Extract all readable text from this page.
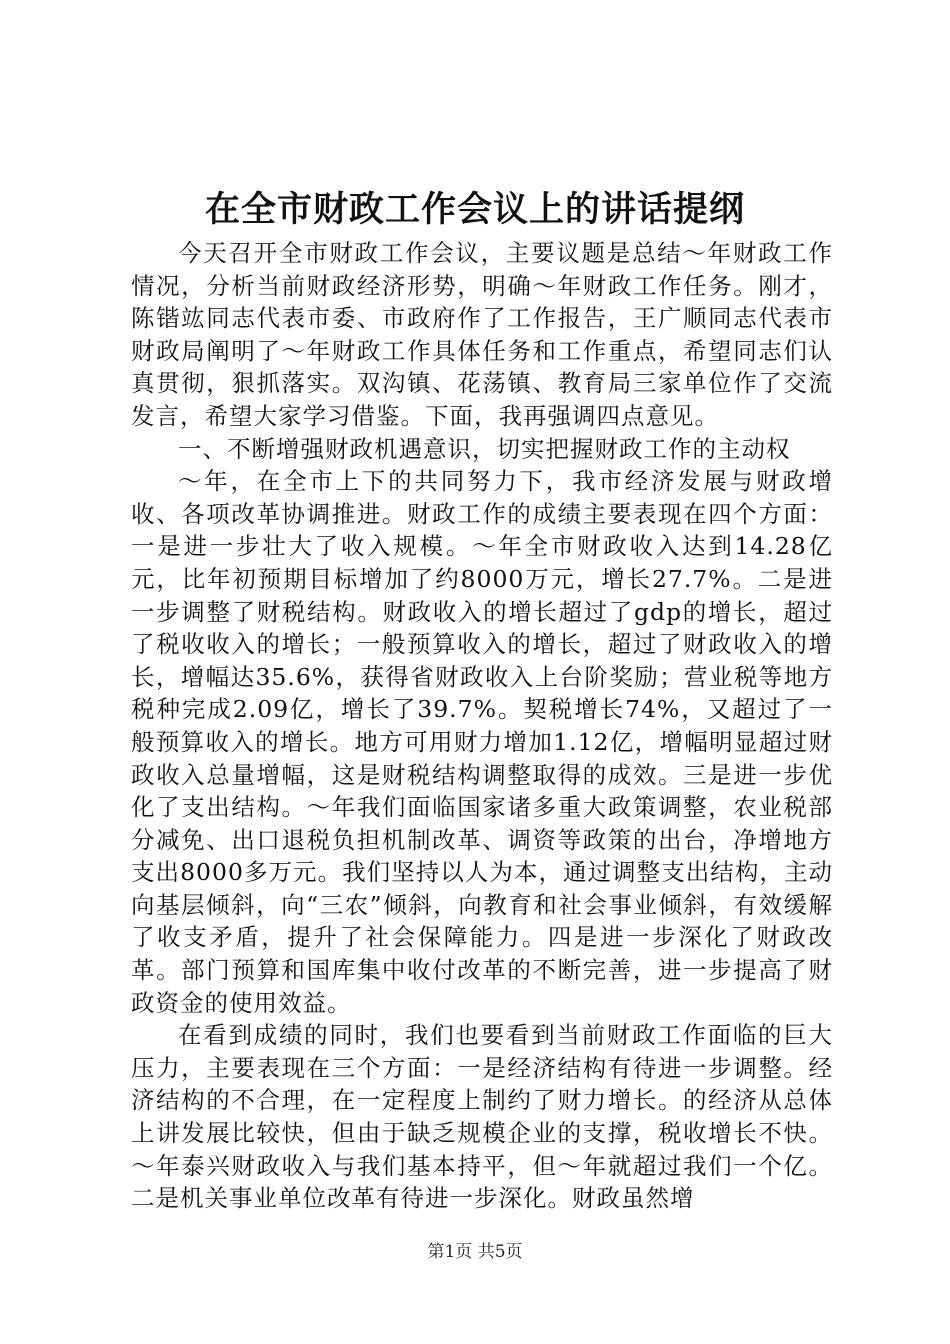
在全市财政工作会议上的讲话提纲

今天召开全市财政工作会议，主要议题是总结～年财政工作情况，分析当前财政经济形势，明确～年财政工作任务。刚才，陈锴竑同志代表市委、市政府作了工作报告，王广顺同志代表市财政局阐明了～年财政工作具体任务和工作重点，希望同志们认真贯彻，狠抓落实。双沟镇、花荡镇、教育局三家单位作了交流发言，希望大家学习借鉴。下面，我再强调四点意见。

一、不断增强财政机遇意识，切实把握财政工作的主动权

～年，在全市上下的共同努力下，我市经济发展与财政增收、各项改革协调推进。财政工作的成绩主要表现在四个方面：一是进一步壮大了收入规模。～年全市财政收入达到14.28亿元，比年初预期目标增加了约8000万元，增长27.7%。二是进一步调整了财税结构。财政收入的增长超过了gdp的增长，超过了税收收入的增长；一般预算收入的增长，超过了财政收入的增长，增幅达35.6%，获得省财政收入上台阶奖励；营业税等地方税种完成2.09亿，增长了39.7%。契税增长74%，又超过了一般预算收入的增长。地方可用财力增加1.12亿，增幅明显超过财政收入总量增幅，这是财税结构调整取得的成效。三是进一步优化了支出结构。～年我们面临国家诸多重大政策调整，农业税部分减免、出口退税负担机制改革、调资等政策的出台，净增地方支出8000多万元。我们坚持以人为本，通过调整支出结构，主动向基层倾斜，向“三农”倾斜，向教育和社会事业倾斜，有效缓解了收支矛盾，提升了社会保障能力。四是进一步深化了财政改革。部门预算和国库集中收付改革的不断完善，进一步提高了财政资金的使用效益。

在看到成绩的同时，我们也要看到当前财政工作面临的巨大压力，主要表现在三个方面：一是经济结构有待进一步调整。经济结构的不合理，在一定程度上制约了财力增长。的经济从总体上讲发展比较快，但由于缺乏规模企业的支撑，税收增长不快。～年泰兴财政收入与我们基本持平，但～年就超过我们一个亿。二是机关事业单位改革有待进一步深化。财政虽然增

第1页 共5页
